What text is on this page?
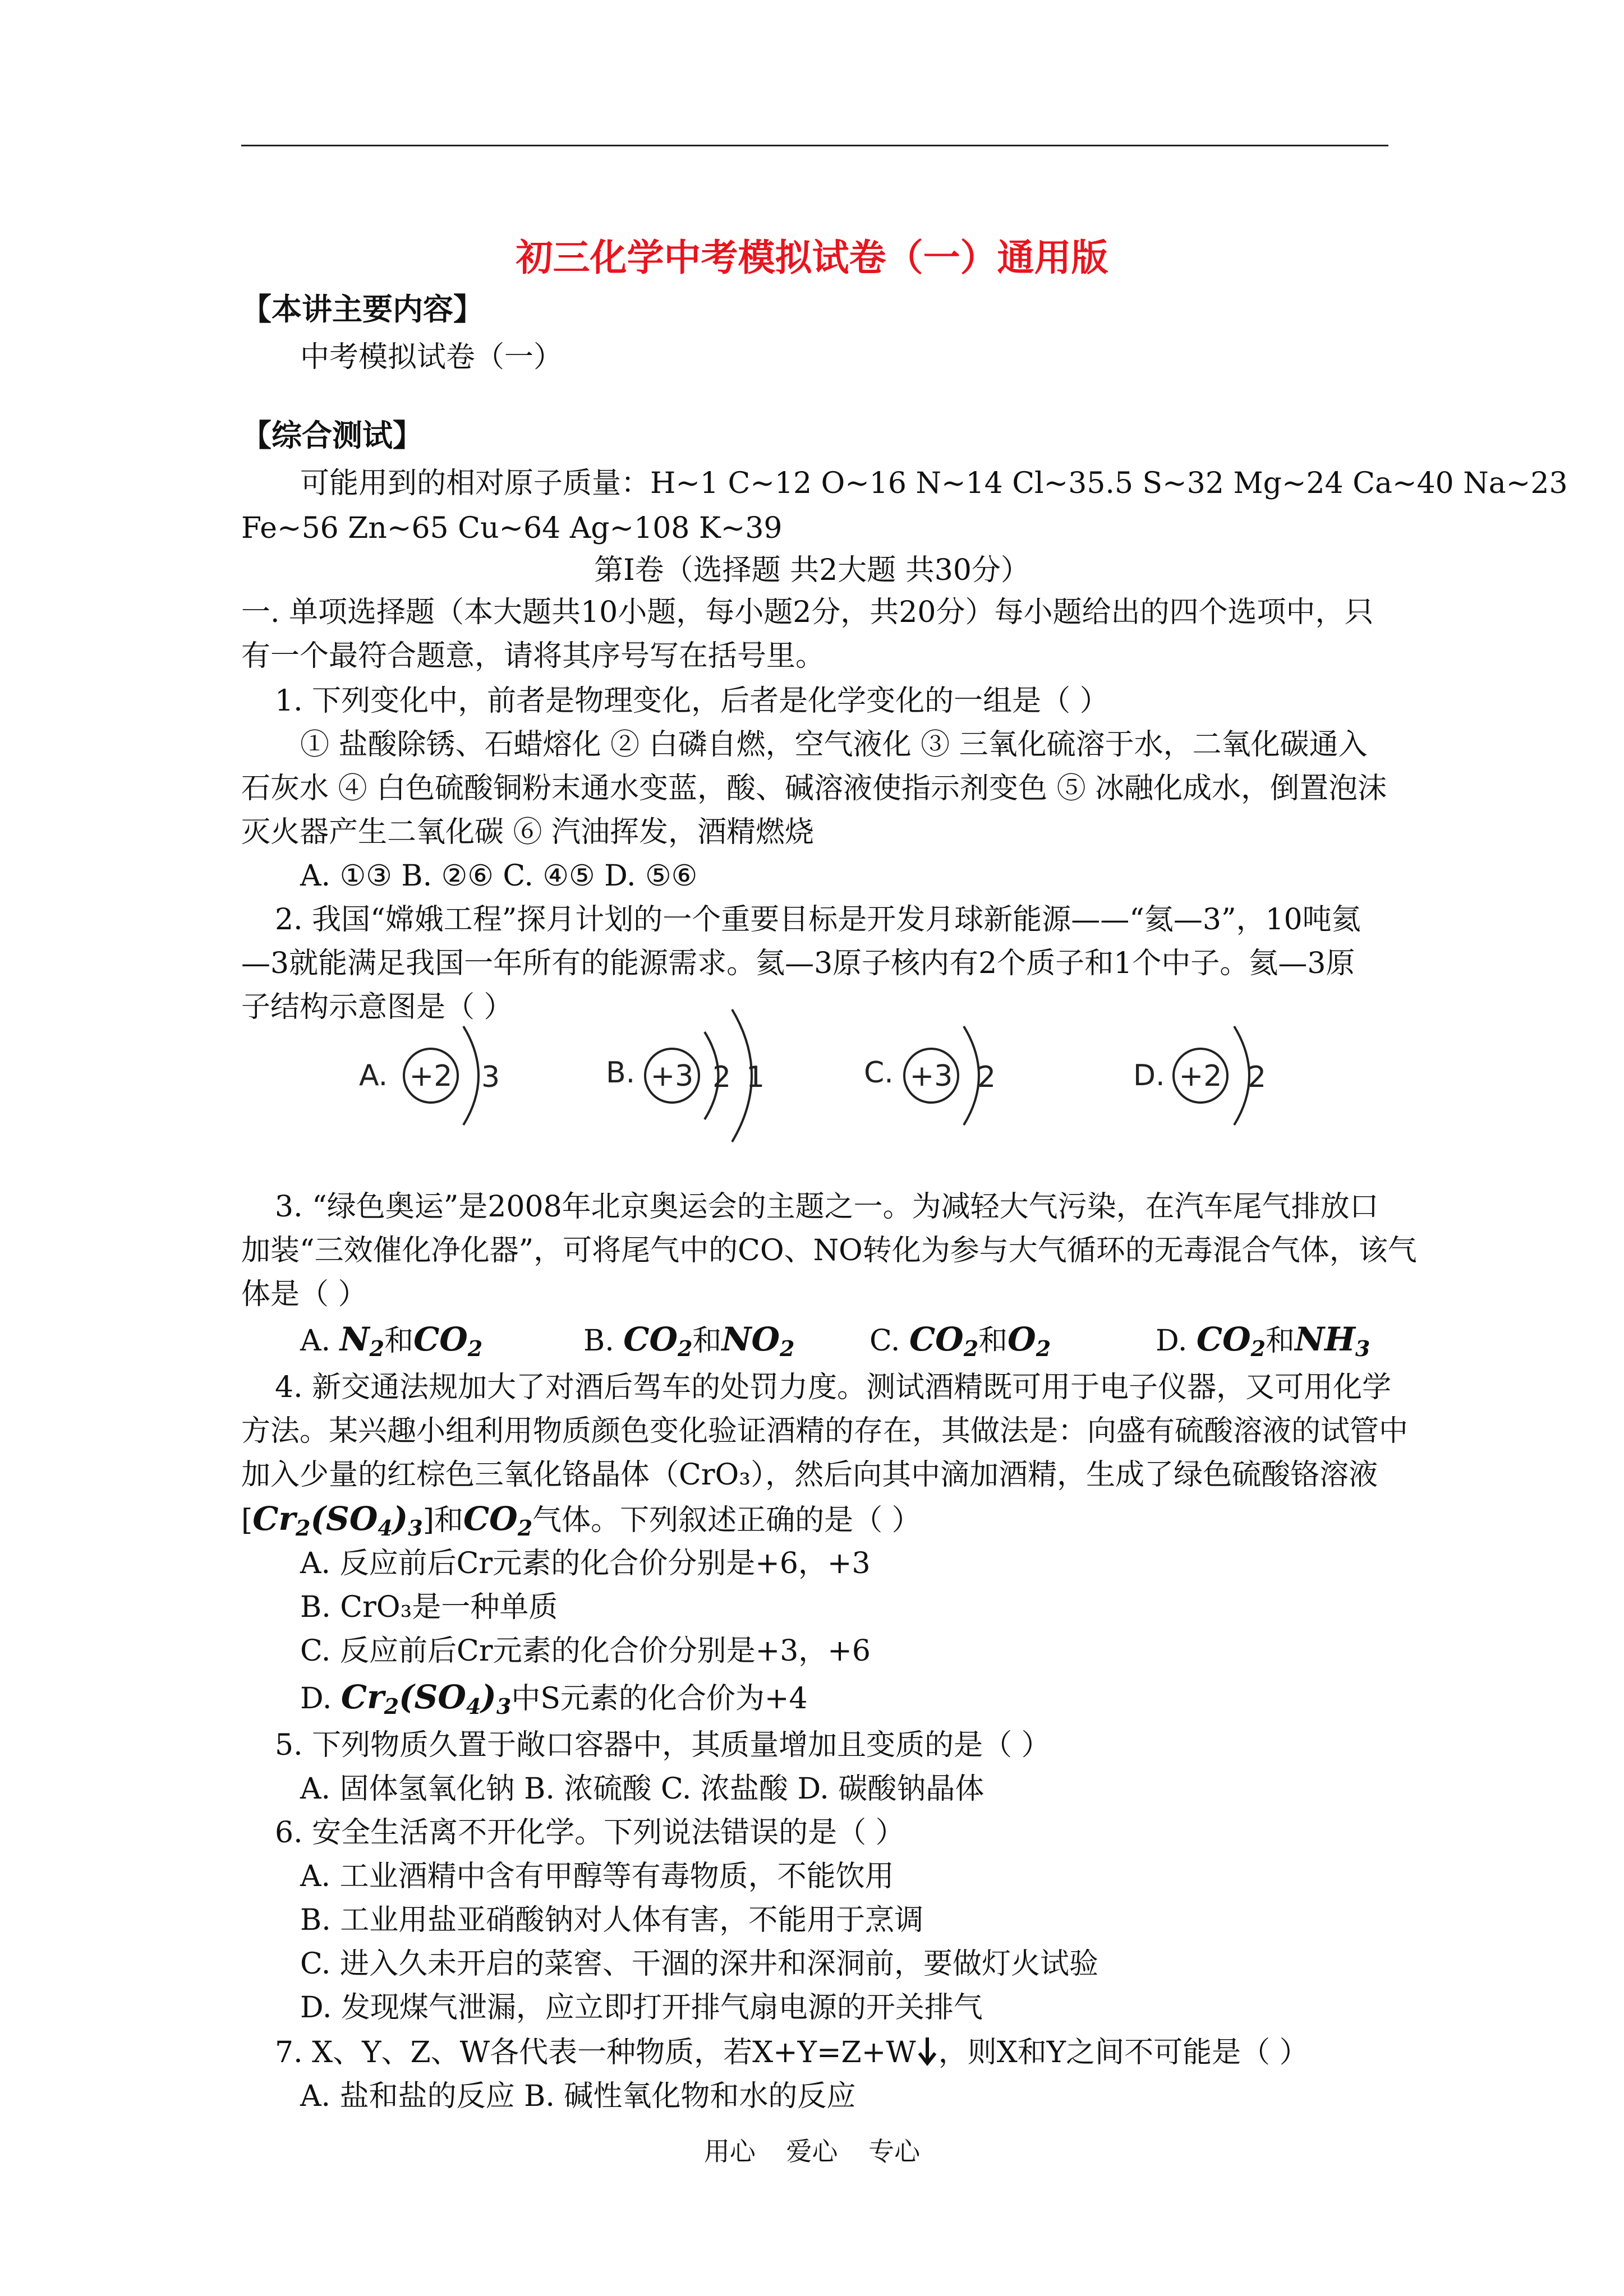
初三化学中考模拟试卷（一）通用版
【本讲主要内容】
中考模拟试卷（一）
【综合测试】
可能用到的相对原子质量：H~1 C~12 O~16 N~14 Cl~35.5 S~32 Mg~24 Ca~40 Na~23
Fe~56 Zn~65 Cu~64 Ag~108 K~39
第Ⅰ卷（选择题 共2大题 共30分）
一. 单项选择题（本大题共10小题，每小题2分，共20分）每小题给出的四个选项中，只
有一个最符合题意，请将其序号写在括号里。
1. 下列变化中，前者是物理变化，后者是化学变化的一组是（ ）
① 盐酸除锈、石蜡熔化 ② 白磷自燃，空气液化 ③ 三氧化硫溶于水，二氧化碳通入
石灰水 ④ 白色硫酸铜粉末通水变蓝，酸、碱溶液使指示剂变色 ⑤ 冰融化成水，倒置泡沫
灭火器产生二氧化碳 ⑥ 汽油挥发，酒精燃烧
A. ①③ B. ②⑥ C. ④⑤ D. ⑤⑥
2. 我国“嫦娥工程”探月计划的一个重要目标是开发月球新能源——“氦—3”，10吨氦
—3就能满足我国一年所有的能源需求。氦—3原子核内有2个质子和1个中子。氦—3原
子结构示意图是（ ）
A. +2 3	B. +3 2 1	C. +3 2	D. +2 2
3. “绿色奥运”是2008年北京奥运会的主题之一。为减轻大气污染，在汽车尾气排放口
加装“三效催化净化器”，可将尾气中的CO、NO转化为参与大气循环的无毒混合气体，该气
体是（ ）
A. $N_2$和$CO_2$	B. $CO_2$和$NO_2$	C. $CO_2$和$O_2$	D. $CO_2$和$NH_3$
4. 新交通法规加大了对酒后驾车的处罚力度。测试酒精既可用于电子仪器，又可用化学
方法。某兴趣小组利用物质颜色变化验证酒精的存在，其做法是：向盛有硫酸溶液的试管中
加入少量的红棕色三氧化铬晶体（CrO₃），然后向其中滴加酒精，生成了绿色硫酸铬溶液
$[Cr_2(SO_4)_3]$和$CO_2$气体。下列叙述正确的是（ ）
A. 反应前后Cr元素的化合价分别是+6，+3
B. CrO₃是一种单质
C. 反应前后Cr元素的化合价分别是+3，+6
D. $Cr_2(SO_4)_3$中S元素的化合价为+4
5. 下列物质久置于敞口容器中，其质量增加且变质的是（ ）
A. 固体氢氧化钠 B. 浓硫酸 C. 浓盐酸 D. 碳酸钠晶体
6. 安全生活离不开化学。下列说法错误的是（ ）
A. 工业酒精中含有甲醇等有毒物质，不能饮用
B. 工业用盐亚硝酸钠对人体有害，不能用于烹调
C. 进入久未开启的菜窖、干涸的深井和深洞前，要做灯火试验
D. 发现煤气泄漏，应立即打开排气扇电源的开关排气
7. X、Y、Z、W各代表一种物质，若X+Y=Z+W ，则X和Y之间不可能是（ ）
A. 盐和盐的反应 B. 碱性氧化物和水的反应
用心 爱心 专心
